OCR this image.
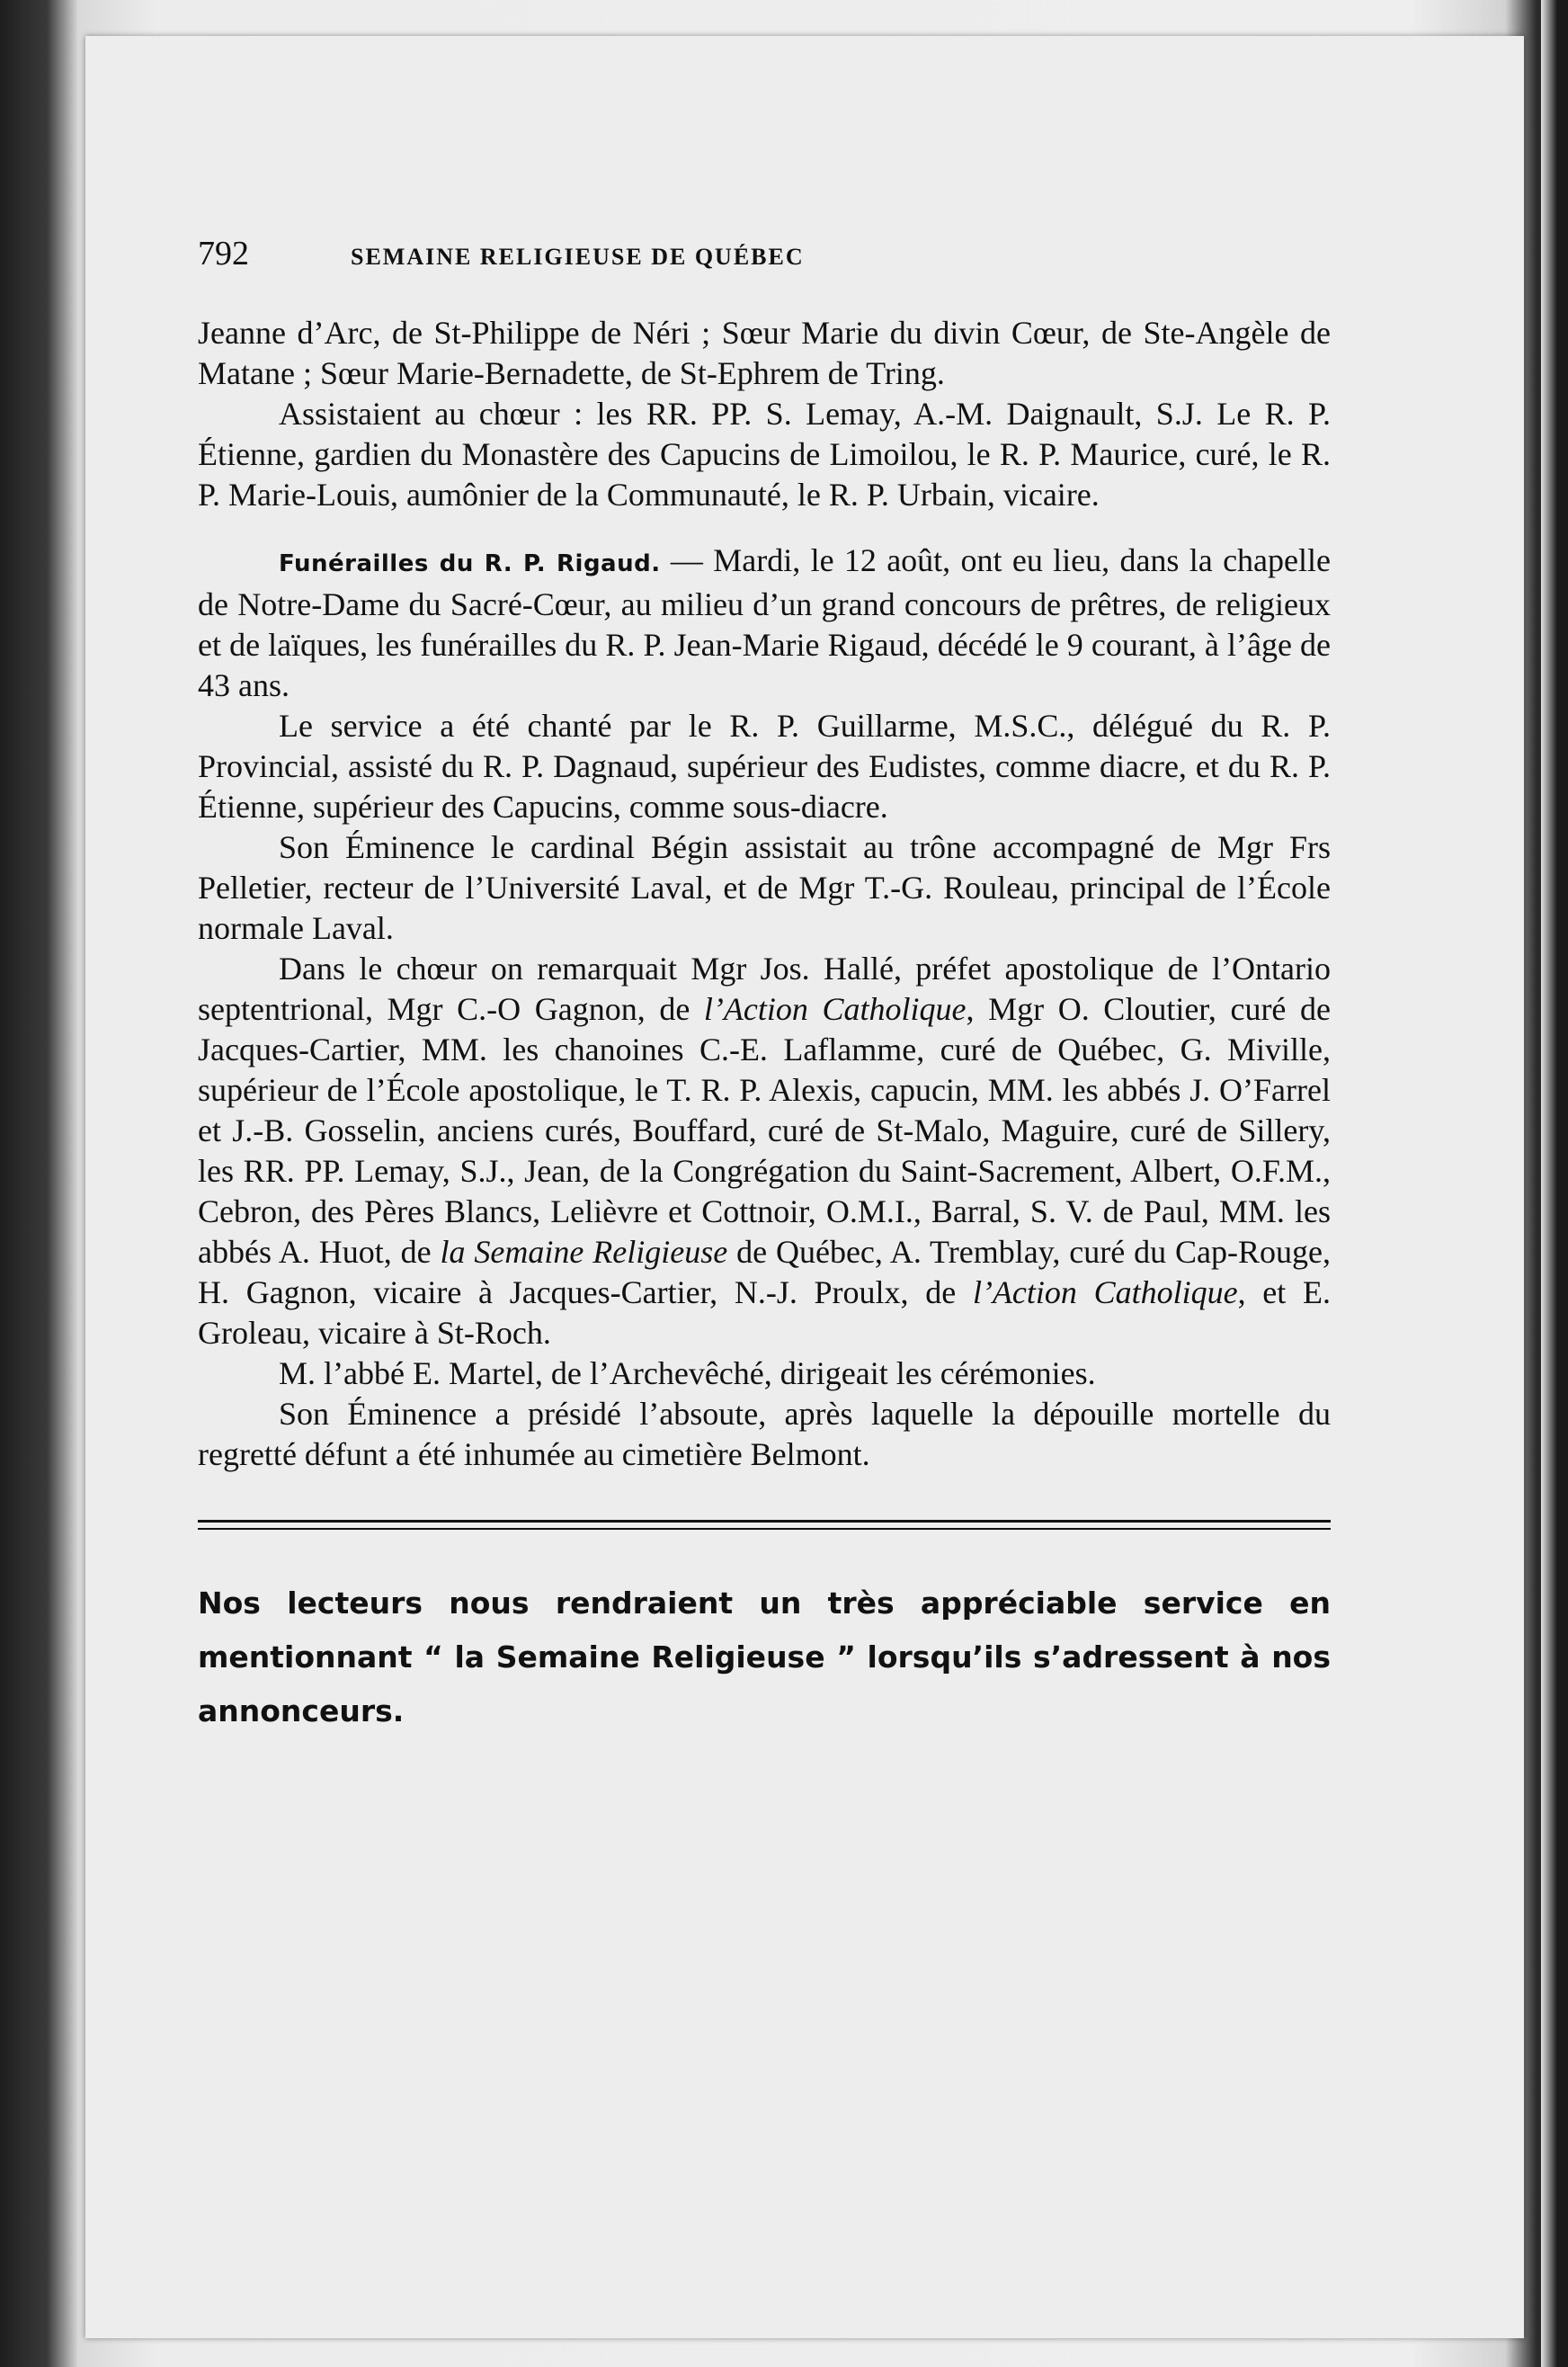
792	SEMAINE RELIGIEUSE DE QUÉBEC

Jeanne d’Arc, de St-Philippe de Néri ; Sœur Marie du divin Cœur, de Ste-Angèle de Matane ; Sœur Marie-Bernadette, de St-Ephrem de Tring.

Assistaient au chœur : les RR. PP. S. Lemay, A.-M. Daignault, S.J. Le R. P. Étienne, gardien du Monastère des Capucins de Limoilou, le R. P. Maurice, curé, le R. P. Marie-Louis, aumônier de la Communauté, le R. P. Urbain, vicaire.

Funérailles du R. P. Rigaud. — Mardi, le 12 août, ont eu lieu, dans la chapelle de Notre-Dame du Sacré-Cœur, au milieu d’un grand concours de prêtres, de religieux et de laïques, les funérailles du R. P. Jean-Marie Rigaud, décédé le 9 courant, à l’âge de 43 ans.

Le service a été chanté par le R. P. Guillarme, M.S.C., délégué du R. P. Provincial, assisté du R. P. Dagnaud, supérieur des Eudistes, comme diacre, et du R. P. Étienne, supérieur des Capucins, comme sous-diacre.

Son Éminence le cardinal Bégin assistait au trône accompagné de Mgr Frs Pelletier, recteur de l’Université Laval, et de Mgr T.-G. Rouleau, principal de l’École normale Laval.

Dans le chœur on remarquait Mgr Jos. Hallé, préfet apostolique de l’Ontario septentrional, Mgr C.-O Gagnon, de l’Action Catholique, Mgr O. Cloutier, curé de Jacques-Cartier, MM. les chanoines C.-E. Laflamme, curé de Québec, G. Miville, supérieur de l’École apostolique, le T. R. P. Alexis, capucin, MM. les abbés J. O’Farrel et J.-B. Gosselin, anciens curés, Bouffard, curé de St-Malo, Maguire, curé de Sillery, les RR. PP. Lemay, S.J., Jean, de la Congrégation du Saint-Sacrement, Albert, O.F.M., Cebron, des Pères Blancs, Lelièvre et Cottnoir, O.M.I., Barral, S. V. de Paul, MM. les abbés A. Huot, de la Semaine Religieuse de Québec, A. Tremblay, curé du Cap-Rouge, H. Gagnon, vicaire à Jacques-Cartier, N.-J. Proulx, de l’Action Catholique, et E. Groleau, vicaire à St-Roch.

M. l’abbé E. Martel, de l’Archevêché, dirigeait les cérémonies.

Son Éminence a présidé l’absoute, après laquelle la dépouille mortelle du regretté défunt a été inhumée au cimetière Belmont.

Nos lecteurs nous rendraient un très appréciable service en mentionnant “ la Semaine Religieuse ” lorsqu’ils s’adressent à nos annonceurs.
